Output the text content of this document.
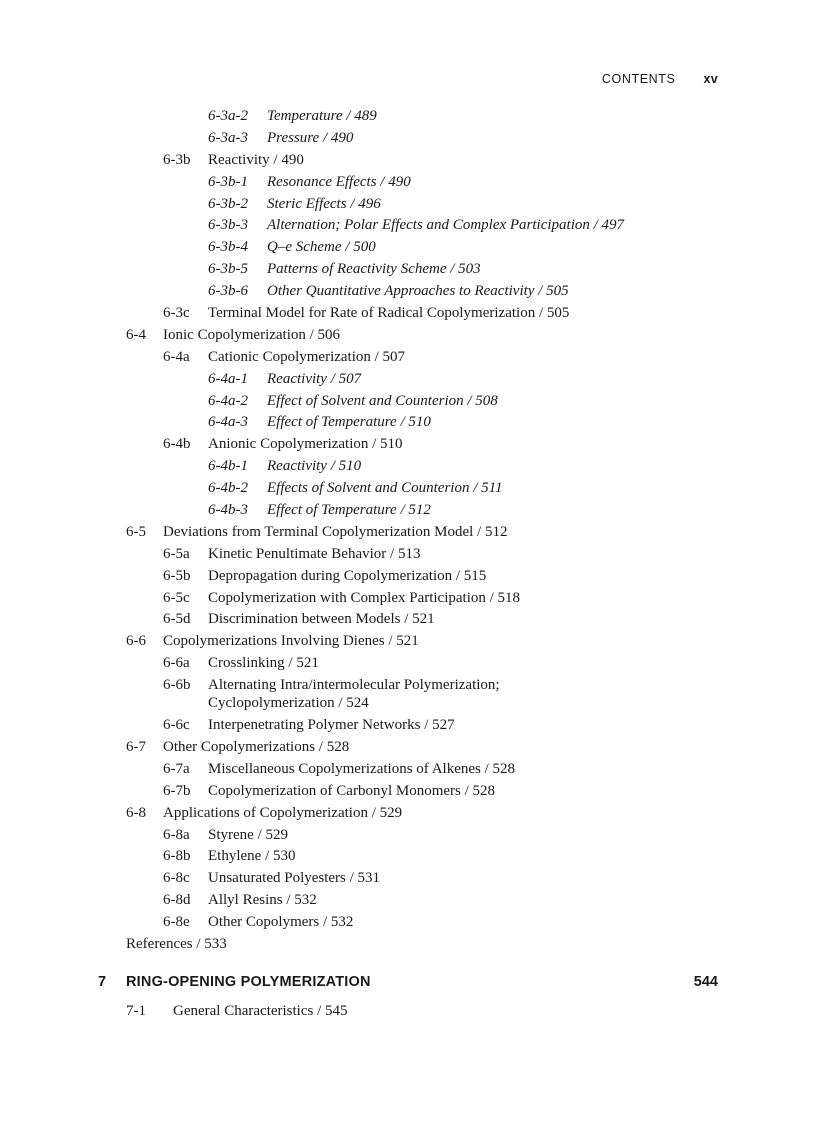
CONTENTS xv
6-3a-2 Temperature / 489
6-3a-3 Pressure / 490
6-3b Reactivity / 490
6-3b-1 Resonance Effects / 490
6-3b-2 Steric Effects / 496
6-3b-3 Alternation; Polar Effects and Complex Participation / 497
6-3b-4 Q–e Scheme / 500
6-3b-5 Patterns of Reactivity Scheme / 503
6-3b-6 Other Quantitative Approaches to Reactivity / 505
6-3c Terminal Model for Rate of Radical Copolymerization / 505
6-4 Ionic Copolymerization / 506
6-4a Cationic Copolymerization / 507
6-4a-1 Reactivity / 507
6-4a-2 Effect of Solvent and Counterion / 508
6-4a-3 Effect of Temperature / 510
6-4b Anionic Copolymerization / 510
6-4b-1 Reactivity / 510
6-4b-2 Effects of Solvent and Counterion / 511
6-4b-3 Effect of Temperature / 512
6-5 Deviations from Terminal Copolymerization Model / 512
6-5a Kinetic Penultimate Behavior / 513
6-5b Depropagation during Copolymerization / 515
6-5c Copolymerization with Complex Participation / 518
6-5d Discrimination between Models / 521
6-6 Copolymerizations Involving Dienes / 521
6-6a Crosslinking / 521
6-6b Alternating Intra/intermolecular Polymerization;
Cyclopolymerization / 524
6-6c Interpenetrating Polymer Networks / 527
6-7 Other Copolymerizations / 528
6-7a Miscellaneous Copolymerizations of Alkenes / 528
6-7b Copolymerization of Carbonyl Monomers / 528
6-8 Applications of Copolymerization / 529
6-8a Styrene / 529
6-8b Ethylene / 530
6-8c Unsaturated Polyesters / 531
6-8d Allyl Resins / 532
6-8e Other Copolymers / 532
References / 533
7 RING-OPENING POLYMERIZATION	544
7-1 General Characteristics / 545
